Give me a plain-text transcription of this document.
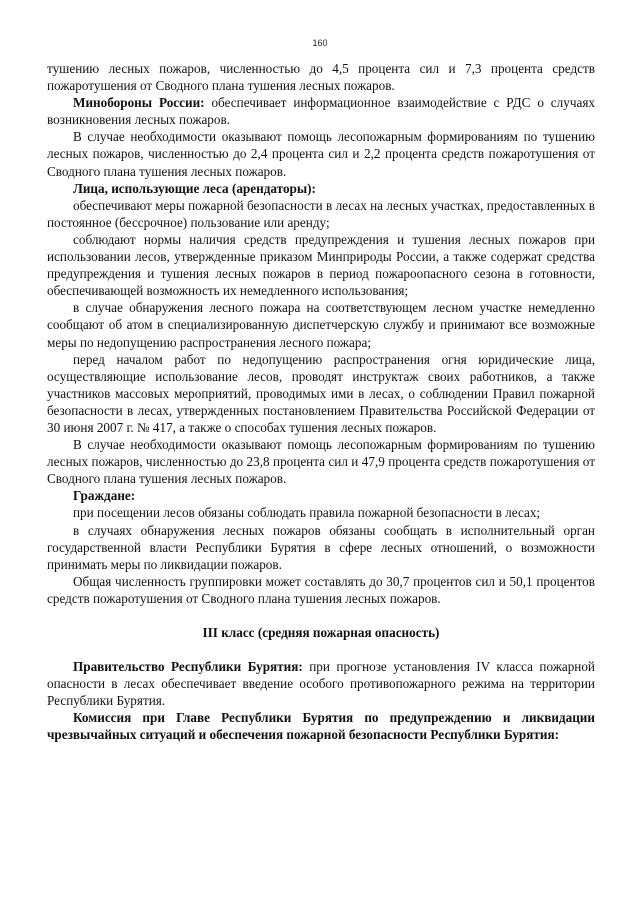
160

тушению лесных пожаров, численностью до 4,5 процента сил и 7,3 процента средств пожаротушения от Сводного плана тушения лесных пожаров.

Минобороны России: обеспечивает информационное взаимодействие с РДС о случаях возникновения лесных пожаров.

В случае необходимости оказывают помощь лесопожарным формированиям по тушению лесных пожаров, численностью до 2,4 процента сил и 2,2 процента средств пожаротушения от Сводного плана тушения лесных пожаров.

Лица, использующие леса (арендаторы):

обеспечивают меры пожарной безопасности в лесах на лесных участках, предоставленных в постоянное (бессрочное) пользование или аренду;

соблюдают нормы наличия средств предупреждения и тушения лесных пожаров при использовании лесов, утвержденные приказом Минприроды России, а также содержат средства предупреждения и тушения лесных пожаров в период пожароопасного сезона в готовности, обеспечивающей возможность их немедленного использования;

в случае обнаружения лесного пожара на соответствующем лесном участке немедленно сообщают об атом в специализированную диспетчерскую службу и принимают все возможные меры по недопущению распространения лесного пожара;

перед началом работ по недопущению распространения огня юридические лица, осуществляющие использование лесов, проводят инструктаж своих работников, а также участников массовых мероприятий, проводимых ими в лесах, о соблюдении Правил пожарной безопасности в лесах, утвержденных постановлением Правительства Российской Федерации от 30 июня 2007 г. № 417, а также о способах тушения лесных пожаров.

В случае необходимости оказывают помощь лесопожарным формированиям по тушению лесных пожаров, численностью до 23,8 процента сил и 47,9 процента средств пожаротушения от Сводного плана тушения лесных пожаров.

Граждане:

при посещении лесов обязаны соблюдать правила пожарной безопасности в лесах;

в случаях обнаружения лесных пожаров обязаны сообщать в исполнительный орган государственной власти Республики Бурятия в сфере лесных отношений, о возможности принимать меры по ликвидации пожаров.

Общая численность группировки может составлять до 30,7 процентов сил и 50,1 процентов средств пожаротушения от Сводного плана тушения лесных пожаров.

III класс (средняя пожарная опасность)

Правительство Республики Бурятия: при прогнозе установления IV класса пожарной опасности в лесах обеспечивает введение особого противопожарного режима на территории Республики Бурятия.

Комиссия при Главе Республики Бурятия по предупреждению и ликвидации чрезвычайных ситуаций и обеспечения пожарной безопасности Республики Бурятия:
